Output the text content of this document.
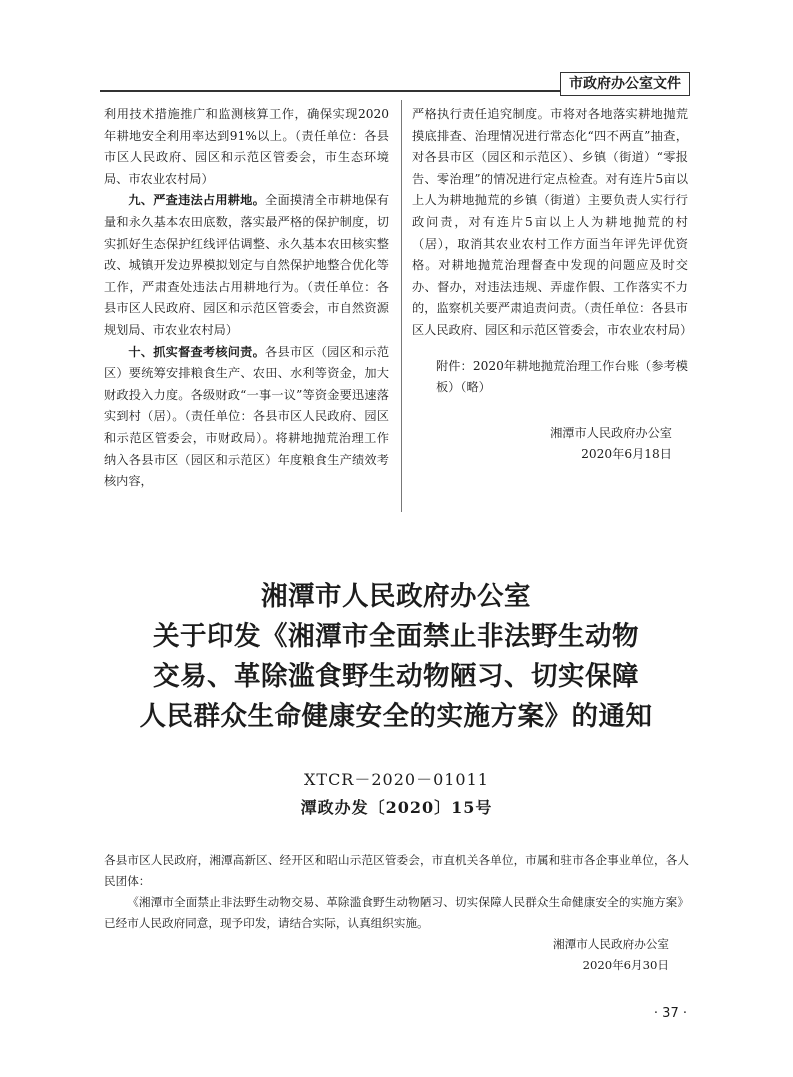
市政府办公室文件

利用技术措施推广和监测核算工作，确保实现2020年耕地安全利用率达到91%以上。（责任单位：各县市区人民政府、园区和示范区管委会，市生态环境局、市农业农村局）

九、严查违法占用耕地。全面摸清全市耕地保有量和永久基本农田底数，落实最严格的保护制度，切实抓好生态保护红线评估调整、永久基本农田核实整改、城镇开发边界模拟划定与自然保护地整合优化等工作，严肃查处违法占用耕地行为。（责任单位：各县市区人民政府、园区和示范区管委会，市自然资源规划局、市农业农村局）

十、抓实督查考核问责。各县市区（园区和示范区）要统筹安排粮食生产、农田、水利等资金，加大财政投入力度。各级财政“一事一议”等资金要迅速落实到村（居）。（责任单位：各县市区人民政府、园区和示范区管委会，市财政局）。将耕地抛荒治理工作纳入各县市区（园区和示范区）年度粮食生产绩效考核内容，

严格执行责任追究制度。市将对各地落实耕地抛荒摸底排查、治理情况进行常态化“四不两直”抽查，对各县市区（园区和示范区）、乡镇（街道）“零报告、零治理”的情况进行定点检查。对有连片5亩以上人为耕地抛荒的乡镇（街道）主要负责人实行行政问责，对有连片5亩以上人为耕地抛荒的村（居），取消其农业农村工作方面当年评先评优资格。对耕地抛荒治理督查中发现的问题应及时交办、督办，对违法违规、弄虚作假、工作落实不力的，监察机关要严肃追责问责。（责任单位：各县市区人民政府、园区和示范区管委会，市农业农村局）

附件：2020年耕地抛荒治理工作台账（参考模板）（略）

湘潭市人民政府办公室

2020年6月18日

湘潭市人民政府办公室
关于印发《湘潭市全面禁止非法野生动物
交易、革除滥食野生动物陋习、切实保障
人民群众生命健康安全的实施方案》的通知
XTCR－2020－01011
潭政办发〔2020〕15号

各县市区人民政府，湘潭高新区、经开区和昭山示范区管委会，市直机关各单位，市属和驻市各企事业单位，各人民团体：

《湘潭市全面禁止非法野生动物交易、革除滥食野生动物陋习、切实保障人民群众生命健康安全的实施方案》已经市人民政府同意，现予印发，请结合实际，认真组织实施。

湘潭市人民政府办公室

2020年6月30日

· 37 ·
